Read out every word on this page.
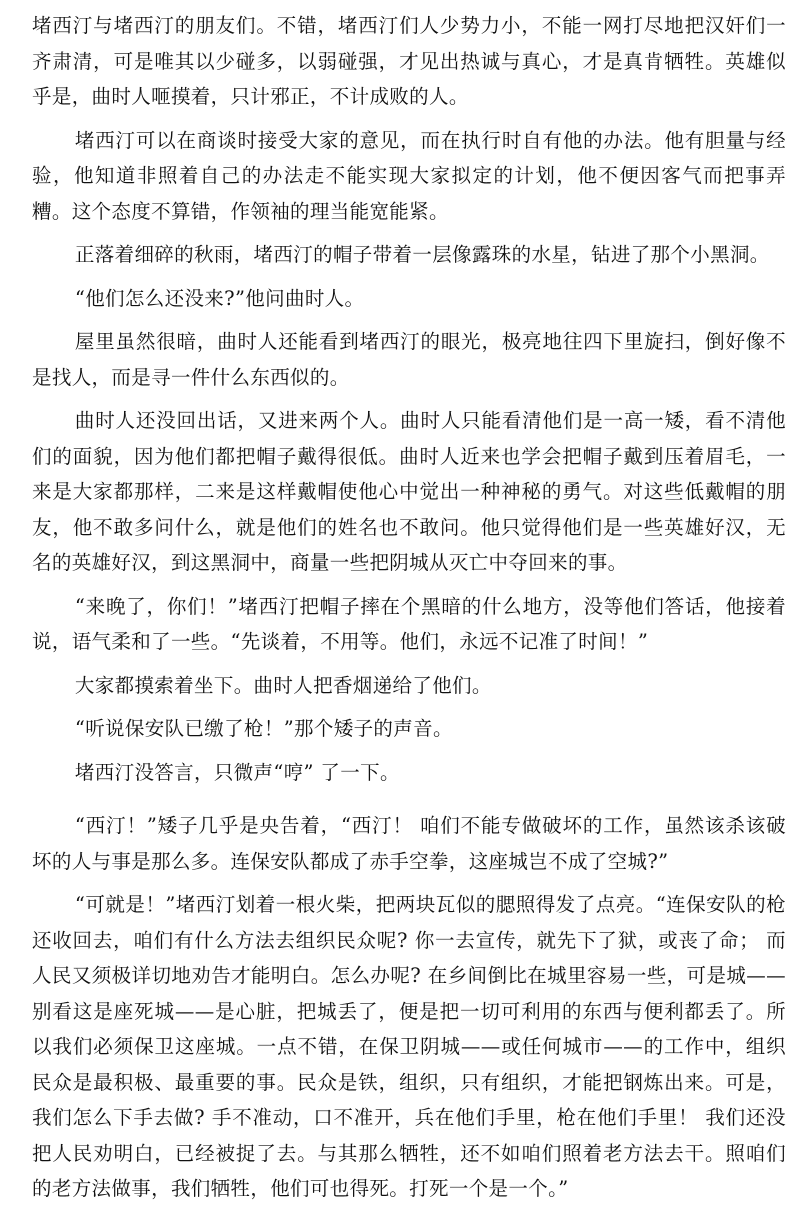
堵西汀与堵西汀的朋友们。不错，堵西汀们人少势力小，不能一网打尽地把汉奸们一齐肃清，可是唯其以少碰多，以弱碰强，才见出热诚与真心，才是真肯牺牲。英雄似乎是，曲时人咂摸着，只计邪正，不计成败的人。

堵西汀可以在商谈时接受大家的意见，而在执行时自有他的办法。他有胆量与经验，他知道非照着自己的办法走不能实现大家拟定的计划，他不便因客气而把事弄糟。这个态度不算错，作领袖的理当能宽能紧。

正落着细碎的秋雨，堵西汀的帽子带着一层像露珠的水星，钻进了那个小黑洞。

“他们怎么还没来?”他问曲时人。

屋里虽然很暗，曲时人还能看到堵西汀的眼光，极亮地往四下里旋扫，倒好像不是找人，而是寻一件什么东西似的。

曲时人还没回出话，又进来两个人。曲时人只能看清他们是一高一矮，看不清他们的面貌，因为他们都把帽子戴得很低。曲时人近来也学会把帽子戴到压着眉毛，一来是大家都那样，二来是这样戴帽使他心中觉出一种神秘的勇气。对这些低戴帽的朋友，他不敢多问什么，就是他们的姓名也不敢问。他只觉得他们是一些英雄好汉，无名的英雄好汉，到这黑洞中，商量一些把阴城从灭亡中夺回来的事。

“来晚了，你们！”堵西汀把帽子摔在个黑暗的什么地方，没等他们答话，他接着说，语气柔和了一些。“先谈着，不用等。他们，永远不记准了时间！”

大家都摸索着坐下。曲时人把香烟递给了他们。

“听说保安队已缴了枪！”那个矮子的声音。

堵西汀没答言，只微声“哼” 了一下。

“西汀！”矮子几乎是央告着，“西汀！ 咱们不能专做破坏的工作，虽然该杀该破坏的人与事是那么多。连保安队都成了赤手空拳，这座城岂不成了空城?”

“可就是！”堵西汀划着一根火柴，把两块瓦似的腮照得发了点亮。“连保安队的枪还收回去，咱们有什么方法去组织民众呢? 你一去宣传，就先下了狱，或丧了命； 而人民又须极详切地劝告才能明白。怎么办呢? 在乡间倒比在城里容易一些，可是城——别看这是座死城——是心脏，把城丢了，便是把一切可利用的东西与便利都丢了。所以我们必须保卫这座城。一点不错，在保卫阴城——或任何城市——的工作中，组织民众是最积极、最重要的事。民众是铁，组织，只有组织，才能把钢炼出来。可是，我们怎么下手去做? 手不准动，口不准开，兵在他们手里，枪在他们手里！ 我们还没把人民劝明白，已经被捉了去。与其那么牺牲，还不如咱们照着老方法去干。照咱们的老方法做事，我们牺牲，他们可也得死。打死一个是一个。”
